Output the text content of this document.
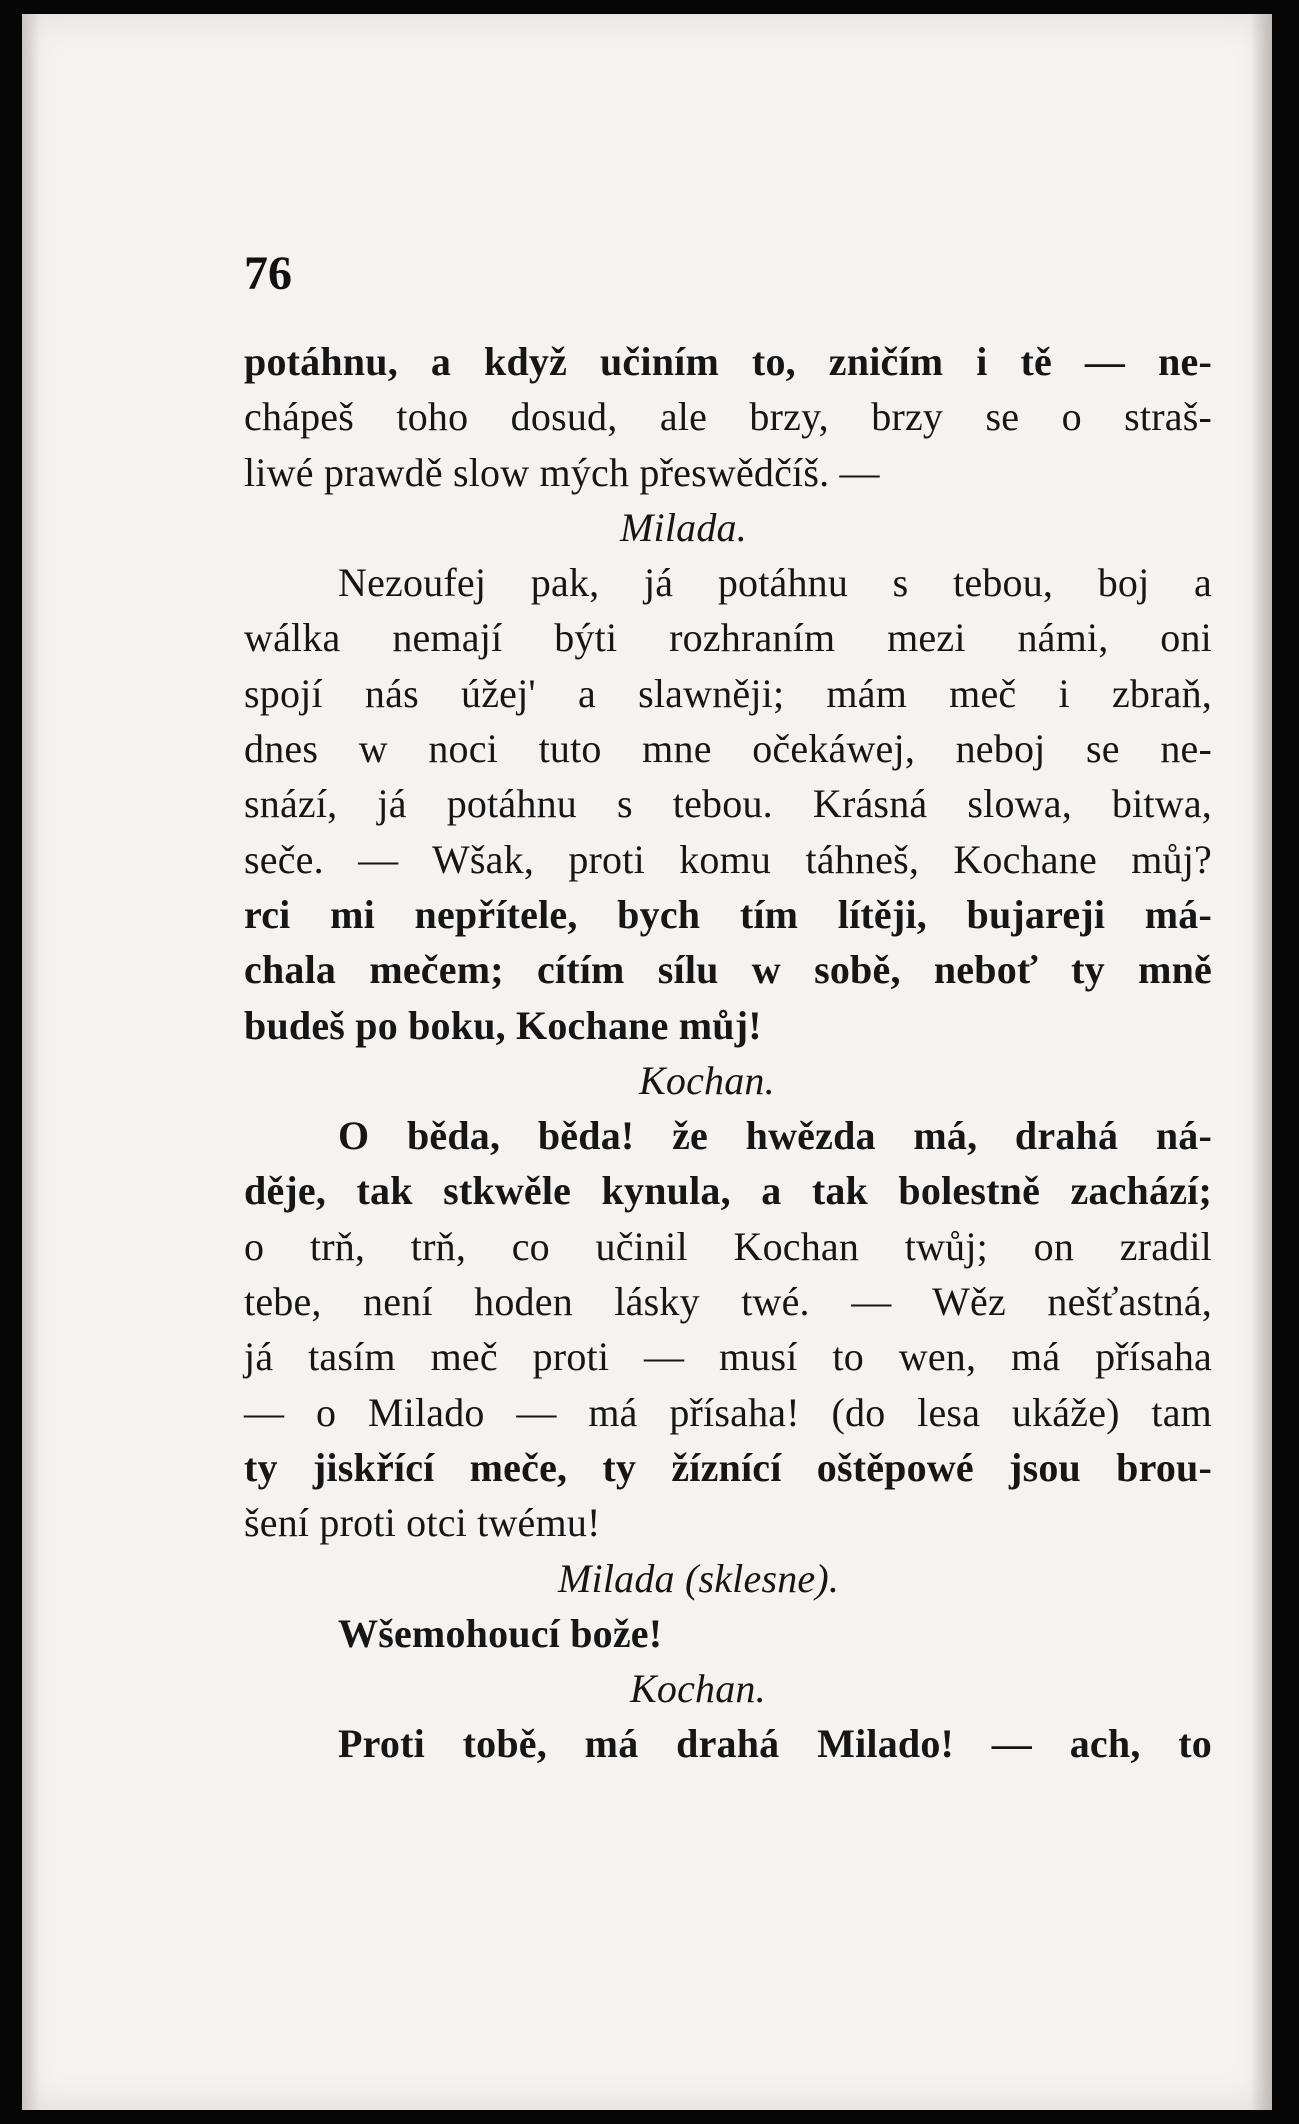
76
potáhnu, a když učiním to, zničím i tě — ne-
chápeš toho dosud, ale brzy, brzy se o straš-
liwé prawdě slow mých přeswědčíš. —
Milada.
Nezoufej pak, já potáhnu s tebou, boj a
wálka nemají býti rozhraním mezi námi, oni
spojí nás úžej' a slawněji; mám meč i zbraň,
dnes w noci tuto mne očekáwej, neboj se ne-
snází, já potáhnu s tebou. Krásná slowa, bitwa,
seče. — Wšak, proti komu táhneš, Kochane můj?
rci mi nepřítele, bych tím lítěji, bujareji má-
chala mečem; cítím sílu w sobě, neboť ty mně
budeš po boku, Kochane můj!
Kochan.
O běda, běda! že hwězda má, drahá ná-
děje, tak stkwěle kynula, a tak bolestně zachází;
o trň, trň, co učinil Kochan twůj; on zradil
tebe, není hoden lásky twé. — Wěz nešťastná,
já tasím meč proti — musí to wen, má přísaha
— o Milado — má přísaha! (do lesa ukáže) tam
ty jiskřící meče, ty žíznící oštěpowé jsou brou-
šení proti otci twému!
Milada (sklesne).
Wšemohoucí bože!
Kochan.
Proti tobě, má drahá Milado! — ach, to
